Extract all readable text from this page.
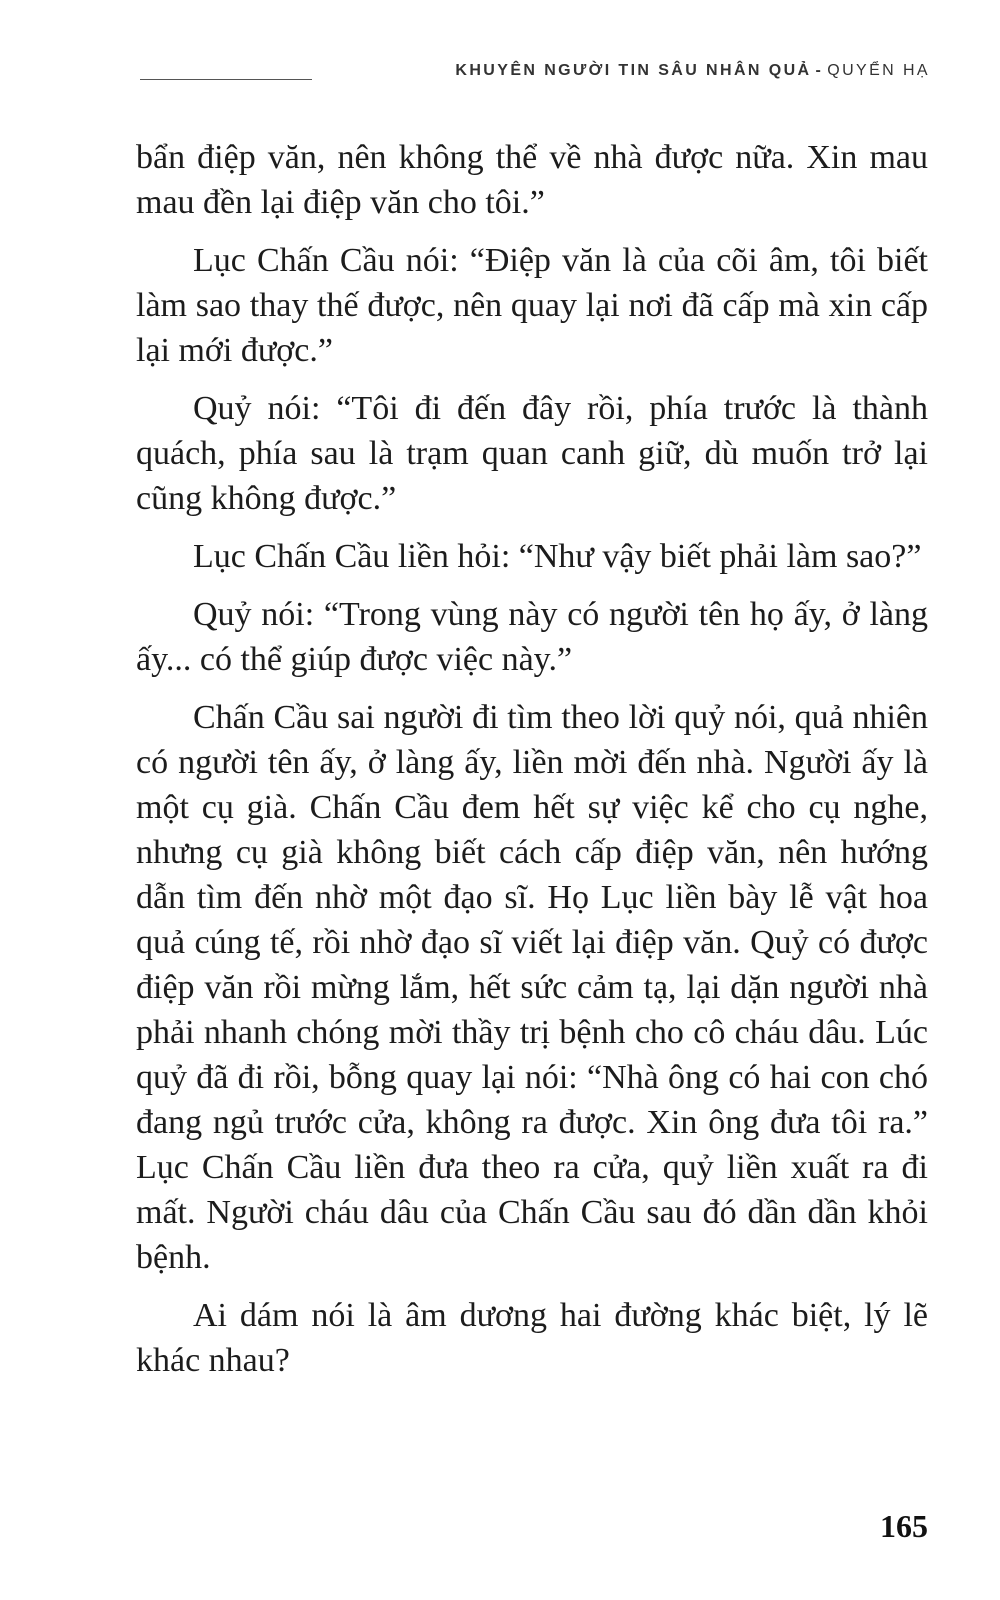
KHUYÊN NGƯỜI TIN SÂU NHÂN QUẢ - QUYỂN HẠ

bẩn điệp văn, nên không thể về nhà được nữa. Xin mau mau đền lại điệp văn cho tôi.”

Lục Chấn Cầu nói: “Điệp văn là của cõi âm, tôi biết làm sao thay thế được, nên quay lại nơi đã cấp mà xin cấp lại mới được.”

Quỷ nói: “Tôi đi đến đây rồi, phía trước là thành quách, phía sau là trạm quan canh giữ, dù muốn trở lại cũng không được.”

Lục Chấn Cầu liền hỏi: “Như vậy biết phải làm sao?”

Quỷ nói: “Trong vùng này có người tên họ ấy, ở làng ấy... có thể giúp được việc này.”

Chấn Cầu sai người đi tìm theo lời quỷ nói, quả nhiên có người tên ấy, ở làng ấy, liền mời đến nhà. Người ấy là một cụ già. Chấn Cầu đem hết sự việc kể cho cụ nghe, nhưng cụ già không biết cách cấp điệp văn, nên hướng dẫn tìm đến nhờ một đạo sĩ. Họ Lục liền bày lễ vật hoa quả cúng tế, rồi nhờ đạo sĩ viết lại điệp văn. Quỷ có được điệp văn rồi mừng lắm, hết sức cảm tạ, lại dặn người nhà phải nhanh chóng mời thầy trị bệnh cho cô cháu dâu. Lúc quỷ đã đi rồi, bỗng quay lại nói: “Nhà ông có hai con chó đang ngủ trước cửa, không ra được. Xin ông đưa tôi ra.” Lục Chấn Cầu liền đưa theo ra cửa, quỷ liền xuất ra đi mất. Người cháu dâu của Chấn Cầu sau đó dần dần khỏi bệnh.

Ai dám nói là âm dương hai đường khác biệt, lý lẽ khác nhau?

165
